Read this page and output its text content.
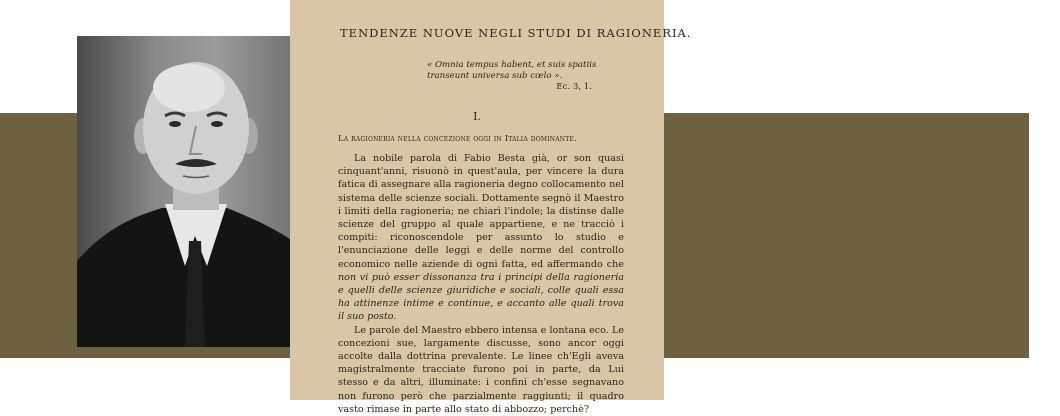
TENDENZE NUOVE NEGLI STUDI DI RAGIONERIA.
« Omnia tempus habent, et suis spatiis
transeunt universa sub cœlo ».
Ec. 3, 1.
I.
La ragioneria nella concezione oggi in Italia dominante.

La nobile parola di Fabio Besta già, or son quasi cinquant'anni, risuonò in quest'aula, per vincere la dura fatica di assegnare alla ragioneria degno collocamento nel sistema delle scienze sociali. Dottamente segnò il Maestro i limiti della ragioneria; ne chiarì l'indole; la distinse dalle scienze del gruppo al quale appartiene, e ne tracciò i compiti: riconoscendole per assunto lo studio e l'enunciazione delle leggi e delle norme del controllo economico nelle aziende di ogni fatta, ed affermando che non vi può esser dissonanza tra i principi della ragioneria e quelli delle scienze giuridiche e sociali, colle quali essa ha attinenze intime e continue, e accanto alle quali trova il suo posto.

Le parole del Maestro ebbero intensa e lontana eco. Le concezioni sue, largamente discusse, sono ancor oggi accolte dalla dottrina prevalente. Le linee ch'Egli aveva magistralmente tracciate furono poi in parte, da Lui stesso e da altri, illuminate: i confini ch'esse segnavano non furono però che parzialmente raggiunti; il quadro vasto rimase in parte allo stato di abbozzo; perchè?
